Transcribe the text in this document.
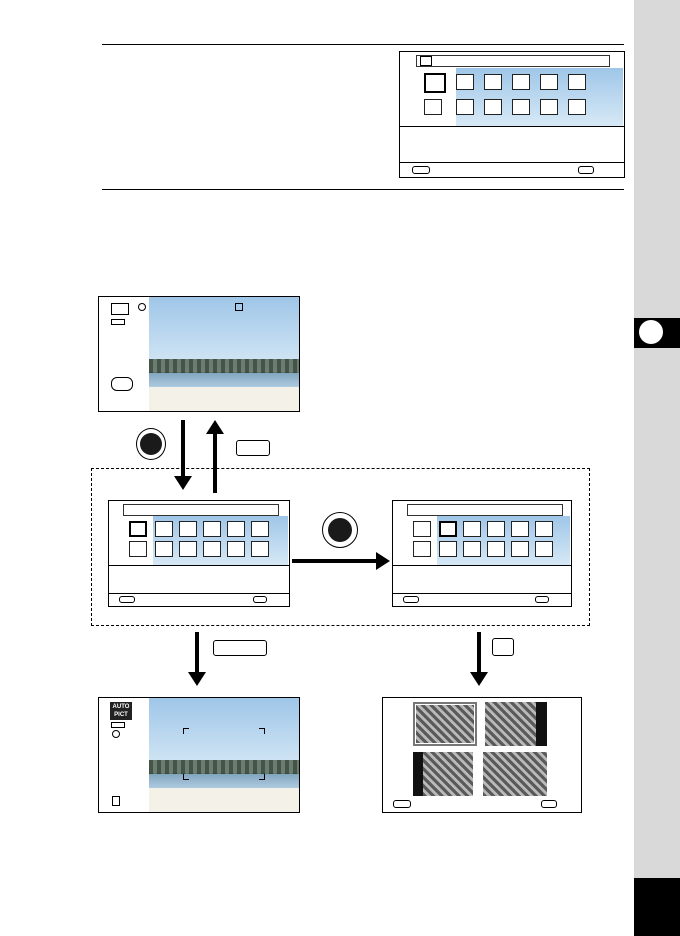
AUTO
PICT
